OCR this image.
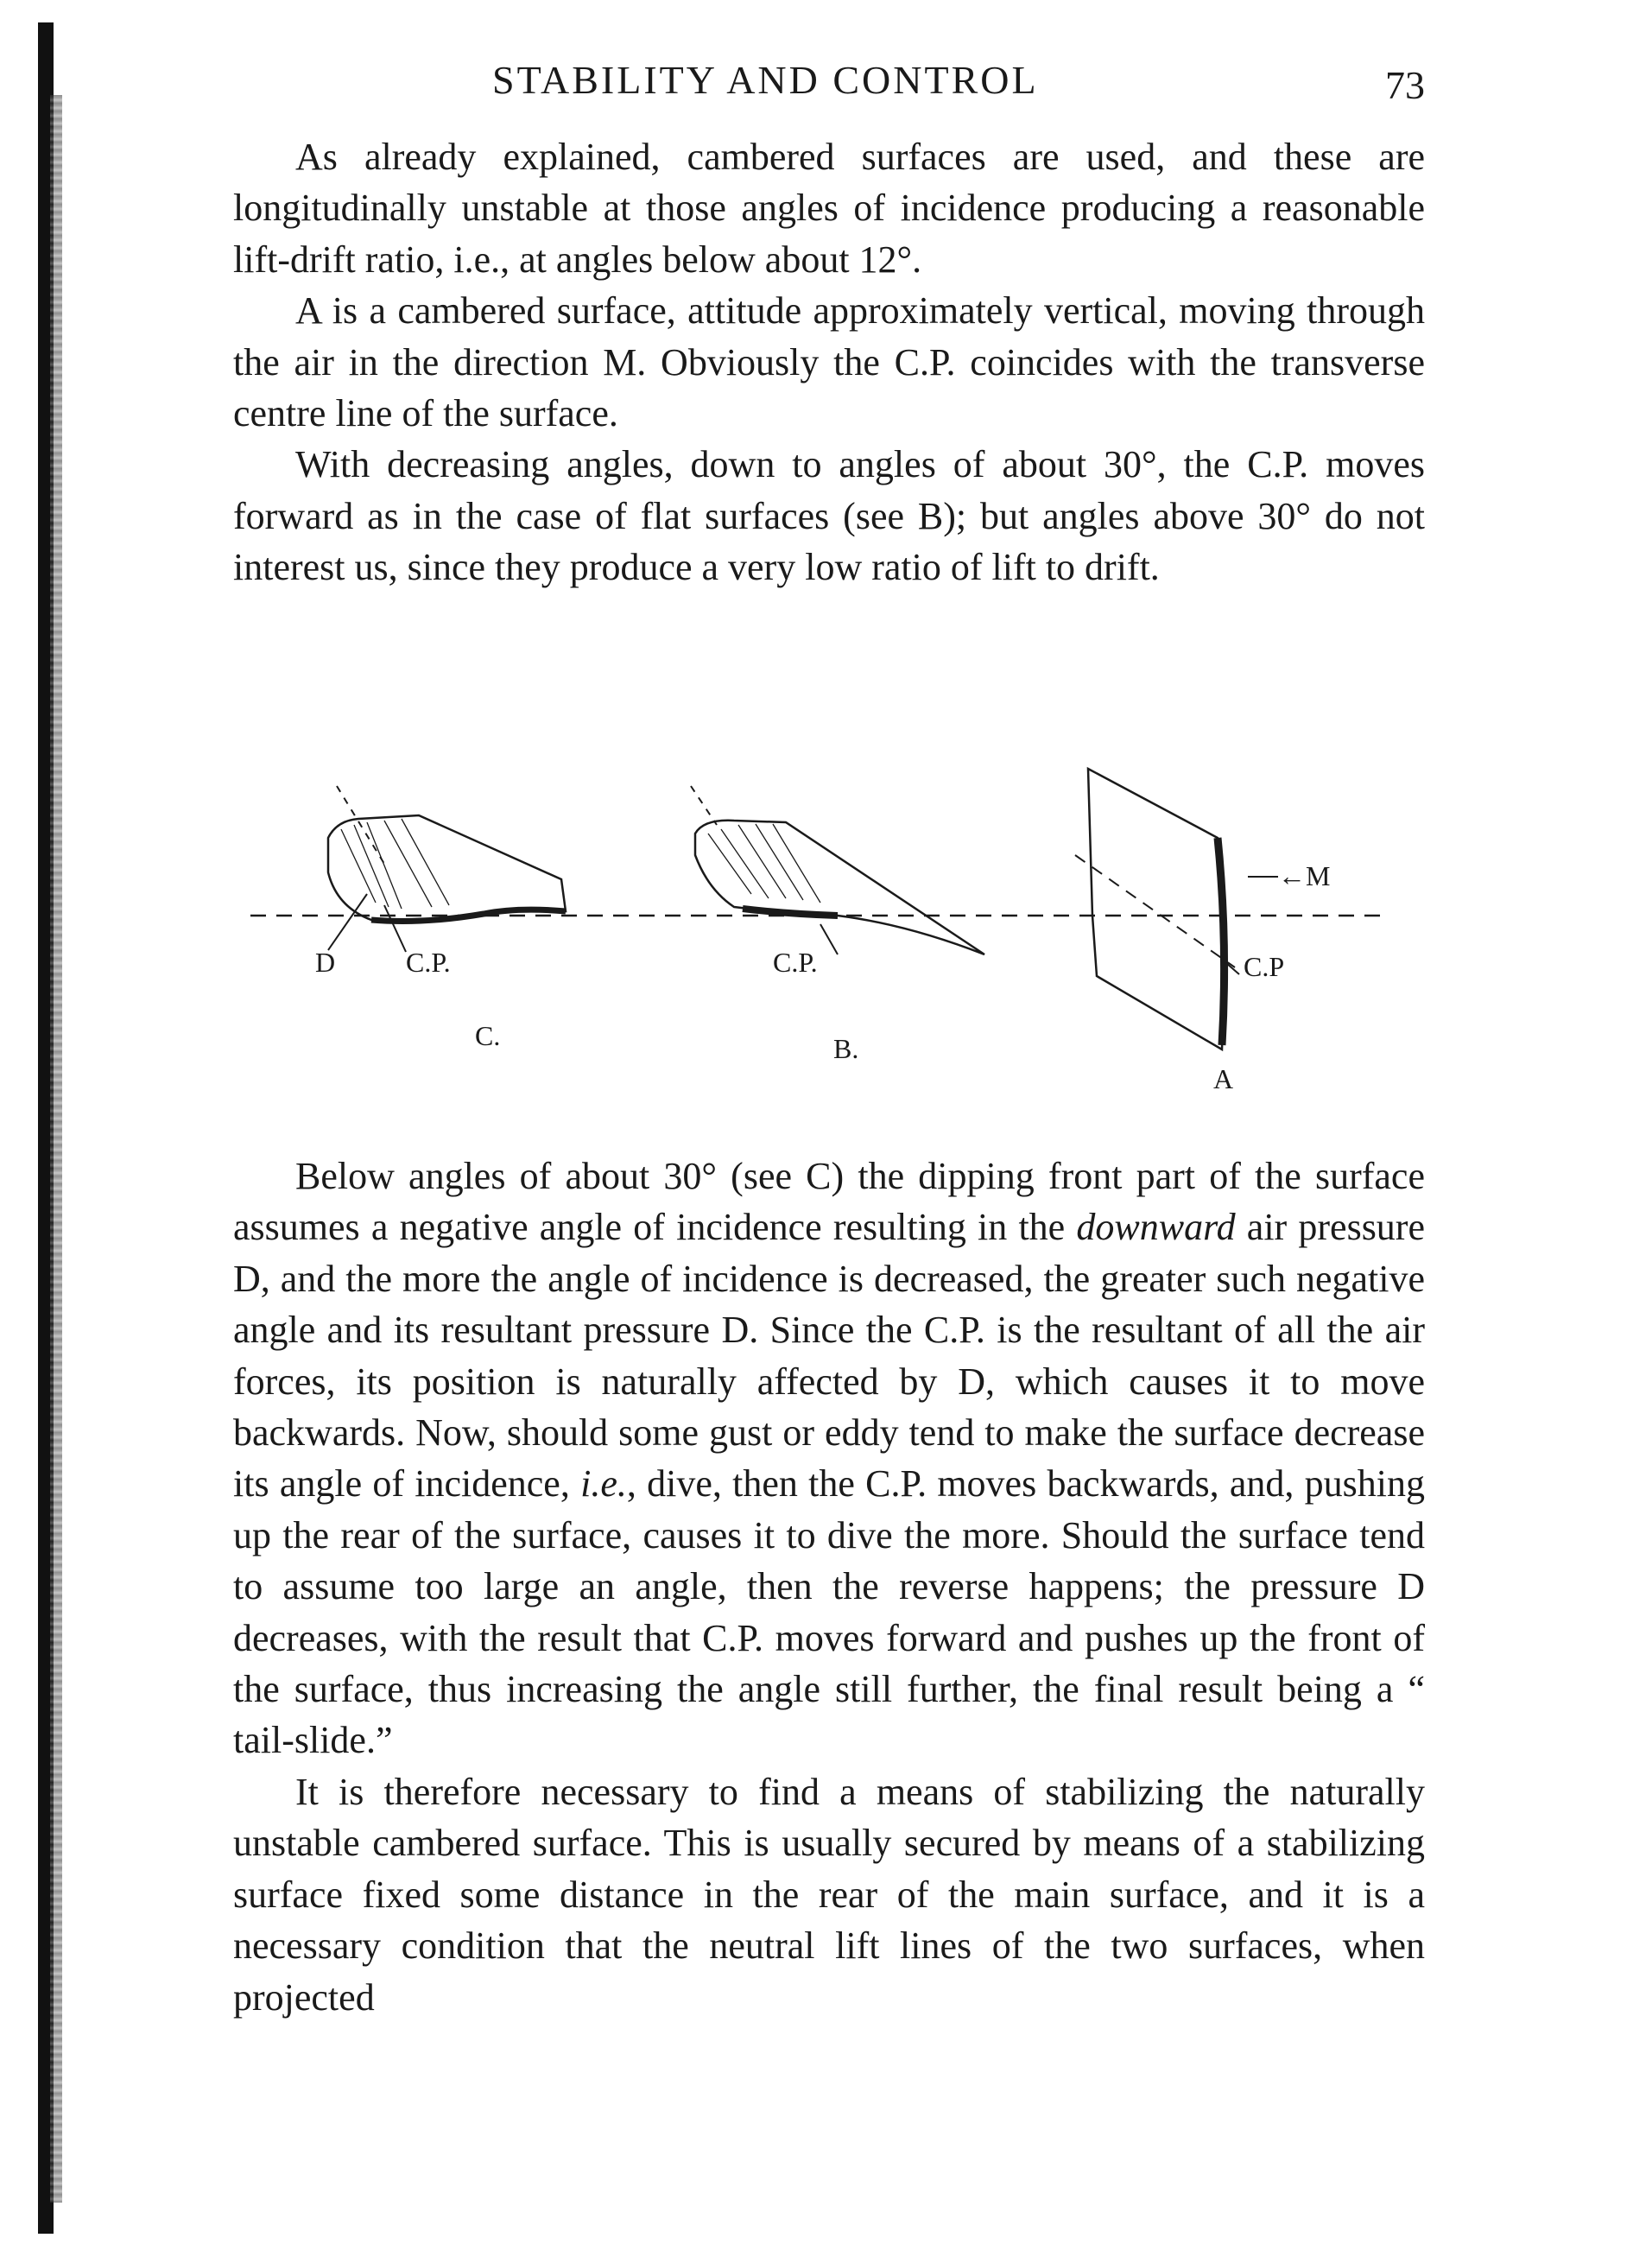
STABILITY AND CONTROL	73

As already explained, cambered surfaces are used, and these are longitudinally unstable at those angles of incidence producing a reasonable lift-drift ratio, i.e., at angles below about 12°.

A is a cambered surface, attitude approximately vertical, moving through the air in the direction M. Obviously the C.P. coincides with the transverse centre line of the surface.

With decreasing angles, down to angles of about 30°, the C.P. moves forward as in the case of flat surfaces (see B); but angles above 30° do not interest us, since they produce a very low ratio of lift to drift.

D	C.P.
C.
C.P.
B.
←M
C.P
A

Below angles of about 30° (see C) the dipping front part of the surface assumes a negative angle of incidence resulting in the downward air pressure D, and the more the angle of incidence is decreased, the greater such negative angle and its resultant pressure D. Since the C.P. is the resultant of all the air forces, its position is naturally affected by D, which causes it to move backwards. Now, should some gust or eddy tend to make the surface decrease its angle of incidence, i.e., dive, then the C.P. moves backwards, and, pushing up the rear of the surface, causes it to dive the more. Should the surface tend to assume too large an angle, then the reverse happens; the pressure D decreases, with the result that C.P. moves forward and pushes up the front of the surface, thus increasing the angle still further, the final result being a “ tail-slide.”

It is therefore necessary to find a means of stabilizing the naturally unstable cambered surface. This is usually secured by means of a stabilizing surface fixed some distance in the rear of the main surface, and it is a necessary condition that the neutral lift lines of the two surfaces, when projected
